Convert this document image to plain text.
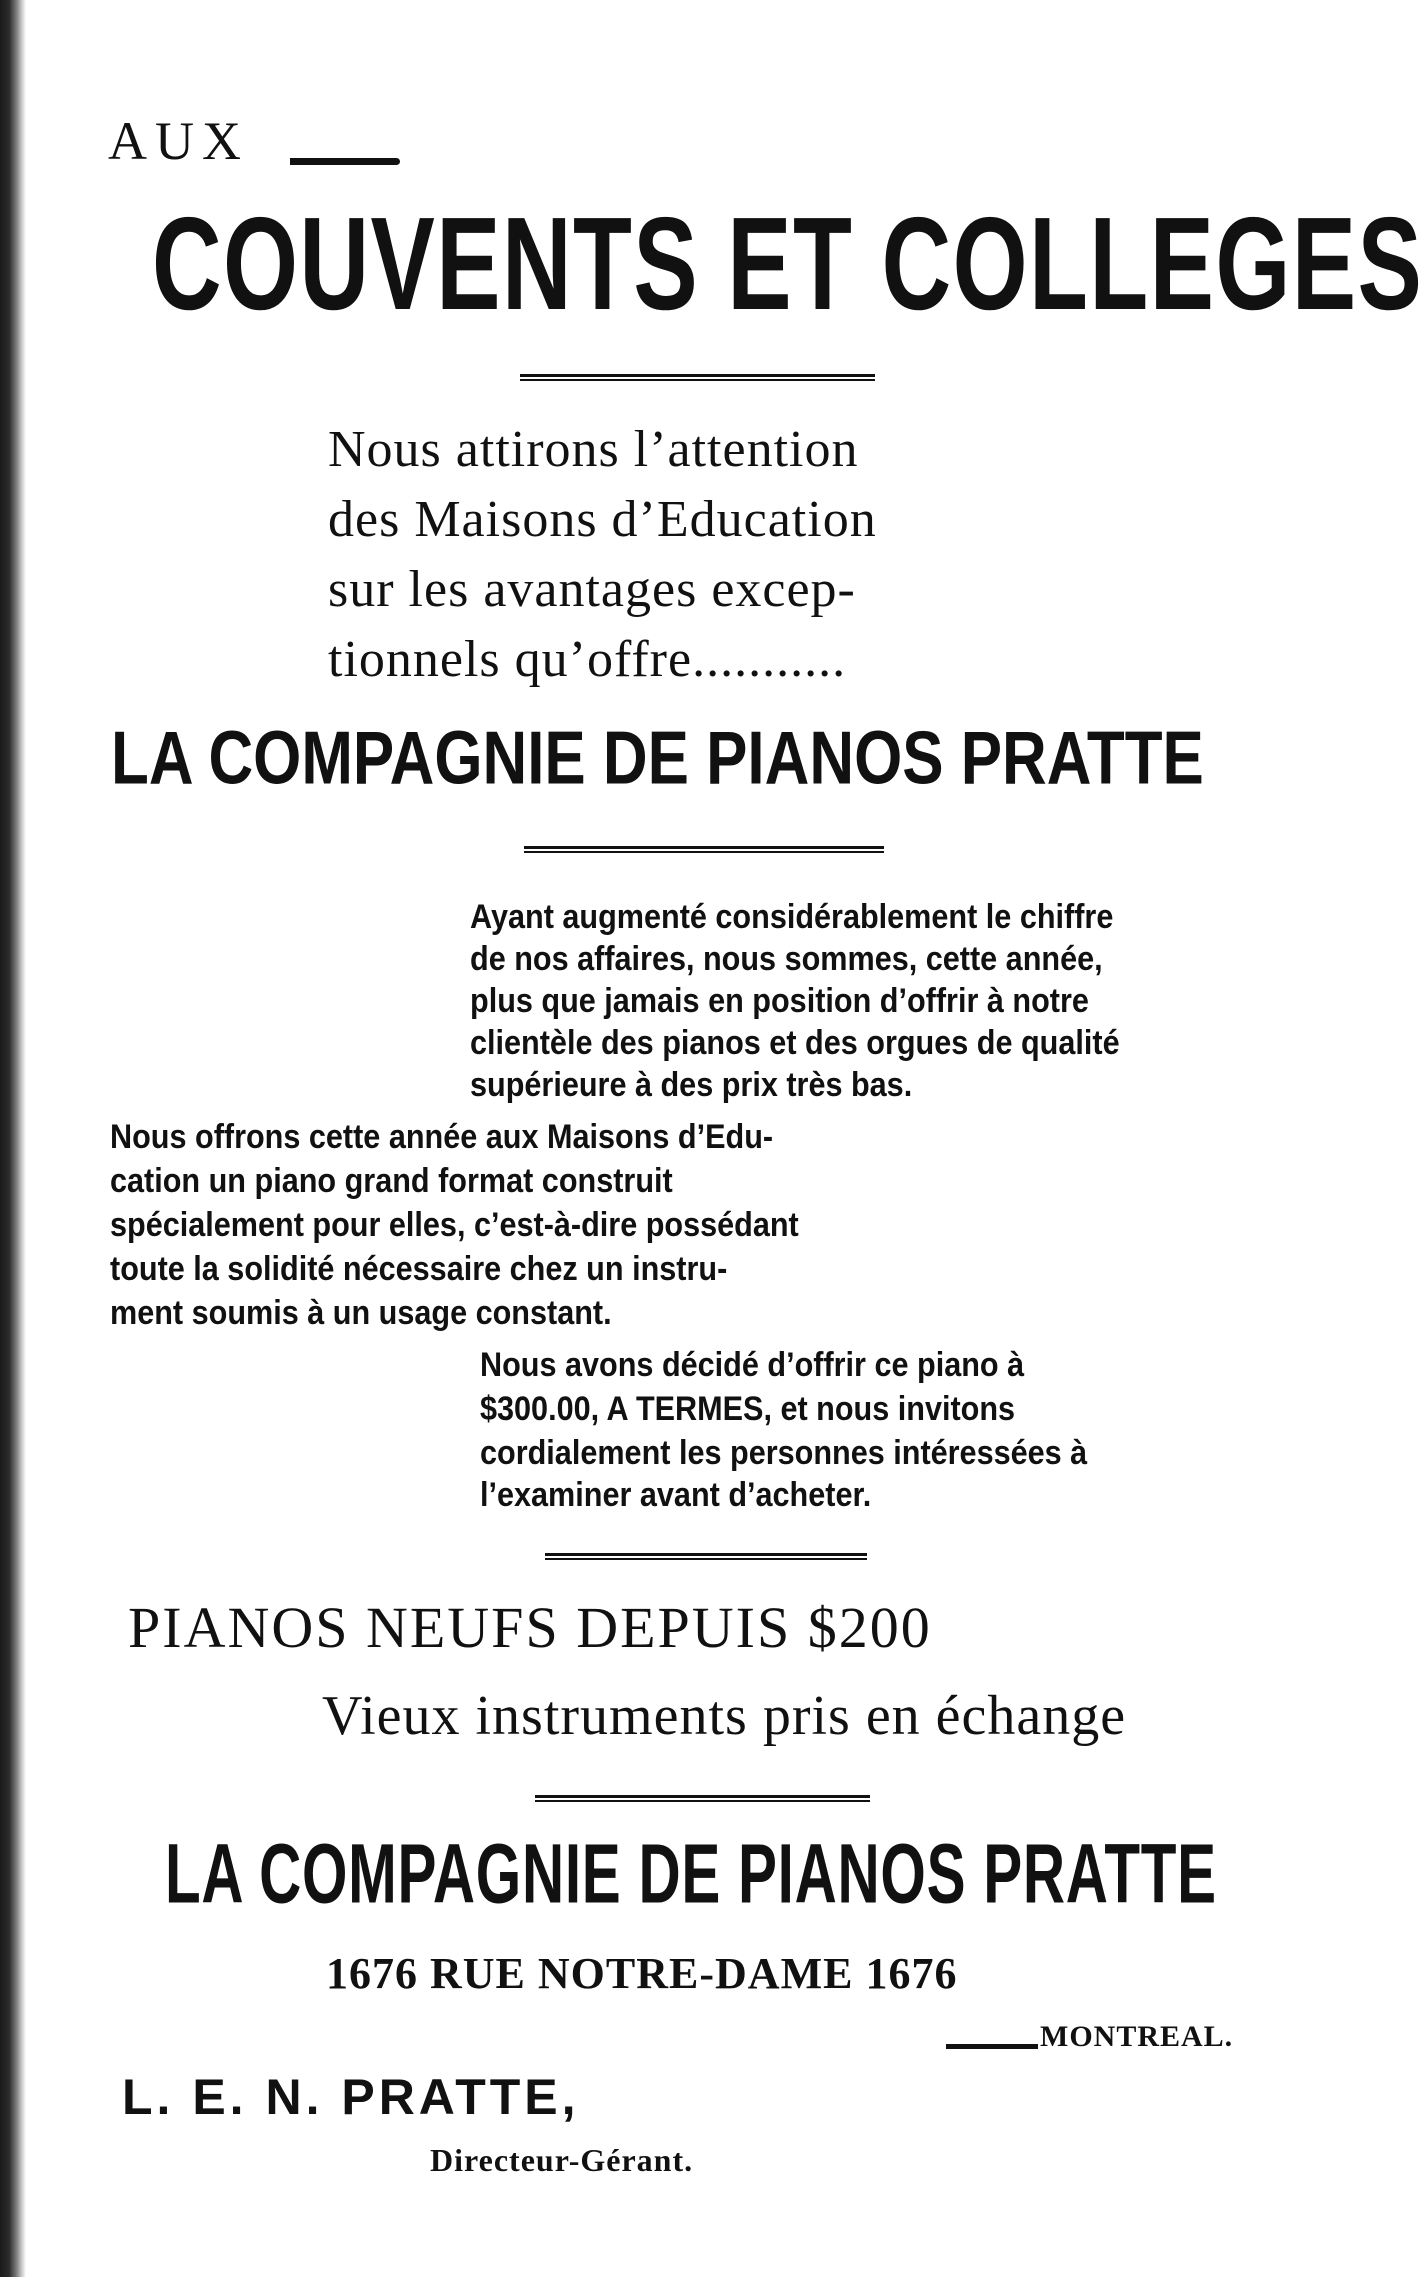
AUX
COUVENTS ET COLLEGES
Nous attirons l’attention
des Maisons d’Education
sur les avantages excep-
tionnels qu’offre...........
LA COMPAGNIE DE PIANOS PRATTE
Ayant augmenté considérablement le chiffre
de nos affaires, nous sommes, cette année,
plus que jamais en position d’offrir à notre
clientèle des pianos et des orgues de qualité
supérieure à des prix très bas.
Nous offrons cette année aux Maisons d’Edu-
cation un piano grand format construit
spécialement pour elles, c’est-à-dire possédant
toute la solidité nécessaire chez un instru-
ment soumis à un usage constant.
Nous avons décidé d’offrir ce piano à
$300.00, A TERMES, et nous invitons
cordialement les personnes intéressées à
l’examiner avant d’acheter.
PIANOS NEUFS DEPUIS $200
Vieux instruments pris en échange
LA COMPAGNIE DE PIANOS PRATTE
1676 RUE NOTRE-DAME 1676
MONTREAL.
L. E. N. PRATTE,
Directeur-Gérant.
